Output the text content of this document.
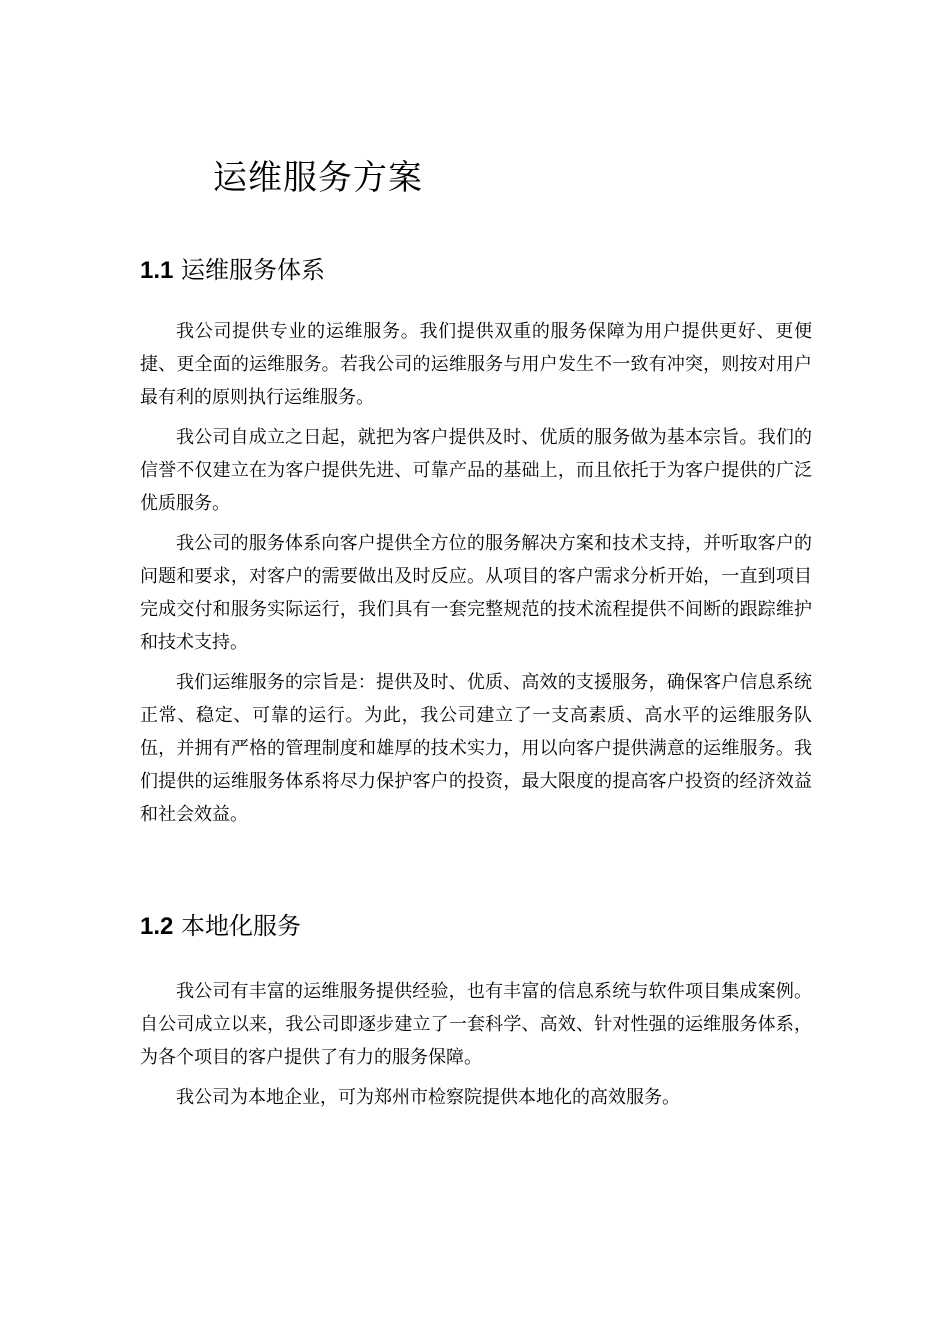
运维服务方案
1.1 运维服务体系

我公司提供专业的运维服务。我们提供双重的服务保障为用户提供更好、更便捷、更全面的运维服务。若我公司的运维服务与用户发生不一致有冲突，则按对用户最有利的原则执行运维服务。

我公司自成立之日起，就把为客户提供及时、优质的服务做为基本宗旨。我们的信誉不仅建立在为客户提供先进、可靠产品的基础上，而且依托于为客户提供的广泛优质服务。

我公司的服务体系向客户提供全方位的服务解决方案和技术支持，并听取客户的问题和要求，对客户的需要做出及时反应。从项目的客户需求分析开始，一直到项目完成交付和服务实际运行，我们具有一套完整规范的技术流程提供不间断的跟踪维护和技术支持。

我们运维服务的宗旨是：提供及时、优质、高效的支援服务，确保客户信息系统正常、稳定、可靠的运行。为此，我公司建立了一支高素质、高水平的运维服务队伍，并拥有严格的管理制度和雄厚的技术实力，用以向客户提供满意的运维服务。我们提供的运维服务体系将尽力保护客户的投资，最大限度的提高客户投资的经济效益和社会效益。

1.2 本地化服务

我公司有丰富的运维服务提供经验，也有丰富的信息系统与软件项目集成案例。自公司成立以来，我公司即逐步建立了一套科学、高效、针对性强的运维服务体系，为各个项目的客户提供了有力的服务保障。

我公司为本地企业，可为郑州市检察院提供本地化的高效服务。
